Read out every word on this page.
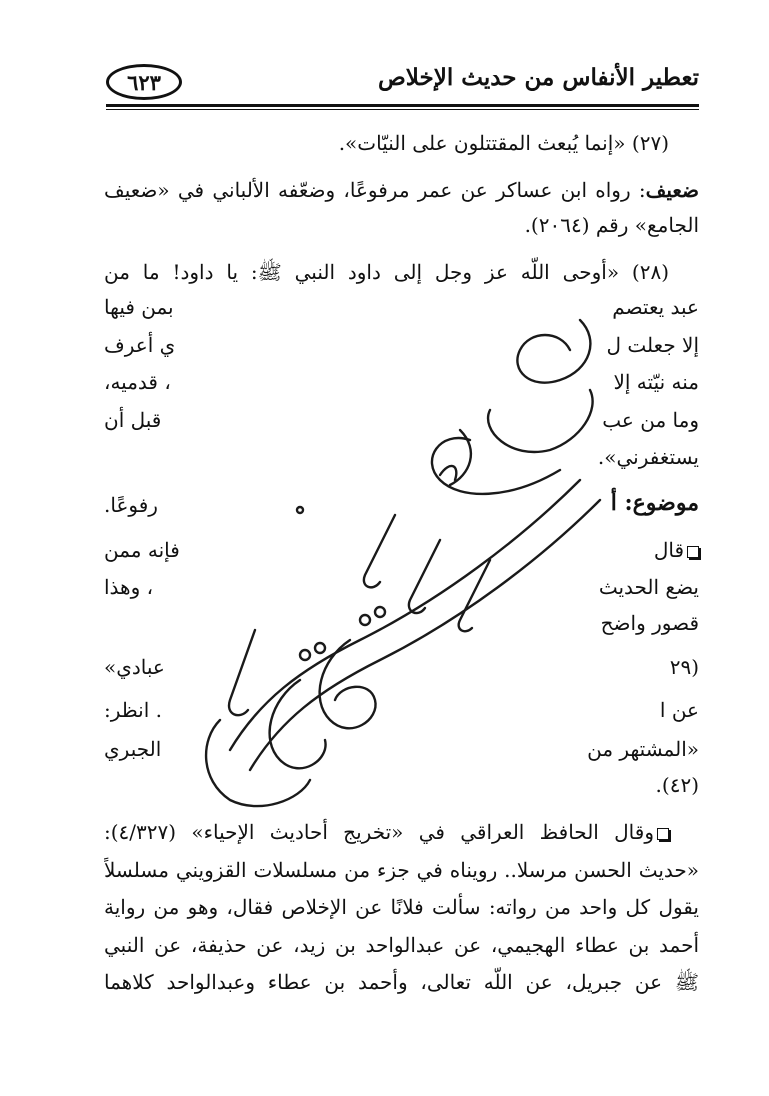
تعطير الأنفاس من حديث الإخلاص
٦٢٣
(٢٧) «إنما يُبعث المقتتلون على النيّات».
ضعيف: رواه ابن عساكر عن عمر مرفوعًا، وضعّفه الألباني في «ضعيف
الجامع» رقم (٢٠٦٤).
(٢٨) «أوحى اللَّه عز وجل إلى داود النبي ﷺ: يا داود! ما من
عبد يعتصم
بمن فيها
إلا جعلت ل
ي أعرف
منه نيّته إلا
، قدميه،
وما من عب
قبل أن
يستغفرني».
موضوع: أ
رفوعًا.
قال
فإنه ممن
يضع الحديث
، وهذا
قصور واضح
(٢٩
عبادي»
عن ا
. انظر:
«المشتهر من
الجبري
(٤٢).
وقال الحافظ العراقي في «تخريج أحاديث الإحياء» (٤/٣٢٧):
«حديث الحسن مرسلا.. رويناه في جزء من مسلسلات القزويني مسلسلاً
يقول كل واحد من رواته: سألت فلانًا عن الإخلاص فقال، وهو من رواية
أحمد بن عطاء الهجيمي، عن عبدالواحد بن زيد، عن حذيفة، عن النبي
ﷺ عن جبريل، عن اللَّه تعالى، وأحمد بن عطاء وعبدالواحد كلاهما
